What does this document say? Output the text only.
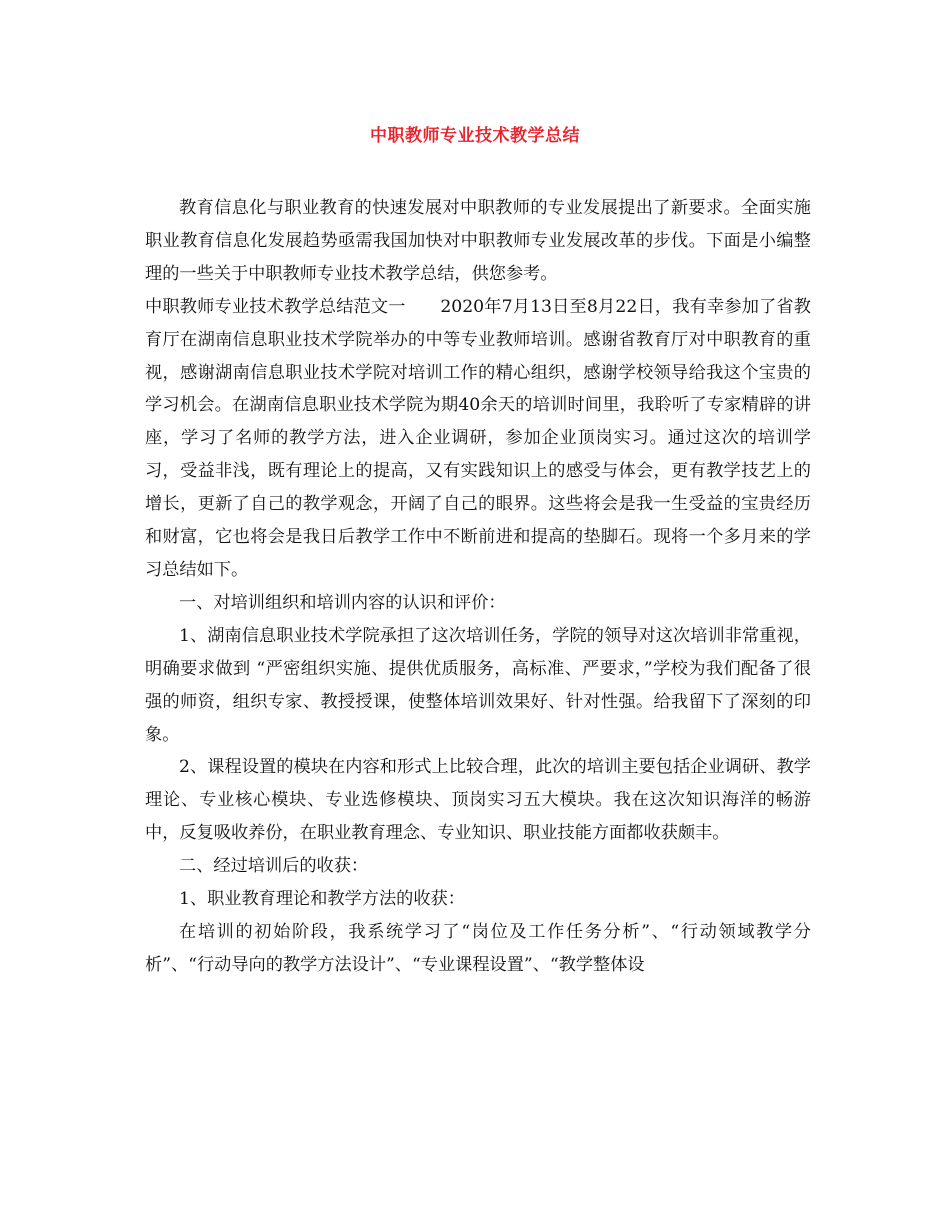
中职教师专业技术教学总结

教育信息化与职业教育的快速发展对中职教师的专业发展提出了新要求。全面实施职业教育信息化发展趋势亟需我国加快对中职教师专业发展改革的步伐。下面是小编整理的一些关于中职教师专业技术教学总结，供您参考。

中职教师专业技术教学总结范文一　　2020年7月13日至8月22日，我有幸参加了省教育厅在湖南信息职业技术学院举办的中等专业教师培训。感谢省教育厅对中职教育的重视，感谢湖南信息职业技术学院对培训工作的精心组织，感谢学校领导给我这个宝贵的学习机会。在湖南信息职业技术学院为期40余天的培训时间里，我聆听了专家精辟的讲座，学习了名师的教学方法，进入企业调研，参加企业顶岗实习。通过这次的培训学习，受益非浅，既有理论上的提高，又有实践知识上的感受与体会，更有教学技艺上的增长，更新了自己的教学观念，开阔了自己的眼界。这些将会是我一生受益的宝贵经历和财富，它也将会是我日后教学工作中不断前进和提高的垫脚石。现将一个多月来的学习总结如下。

一、对培训组织和培训内容的认识和评价：

1、湖南信息职业技术学院承担了这次培训任务，学院的领导对这次培训非常重视，明确要求做到 “严密组织实施、提供优质服务，高标准、严要求，”学校为我们配备了很强的师资，组织专家、教授授课，使整体培训效果好、针对性强。给我留下了深刻的印象。

2、课程设置的模块在内容和形式上比较合理，此次的培训主要包括企业调研、教学理论、专业核心模块、专业选修模块、顶岗实习五大模块。我在这次知识海洋的畅游中，反复吸收养份，在职业教育理念、专业知识、职业技能方面都收获颇丰。

二、经过培训后的收获：

1、职业教育理论和教学方法的收获：

在培训的初始阶段，我系统学习了“岗位及工作任务分析”、“行动领域教学分析”、“行动导向的教学方法设计”、“专业课程设置”、“教学整体设
